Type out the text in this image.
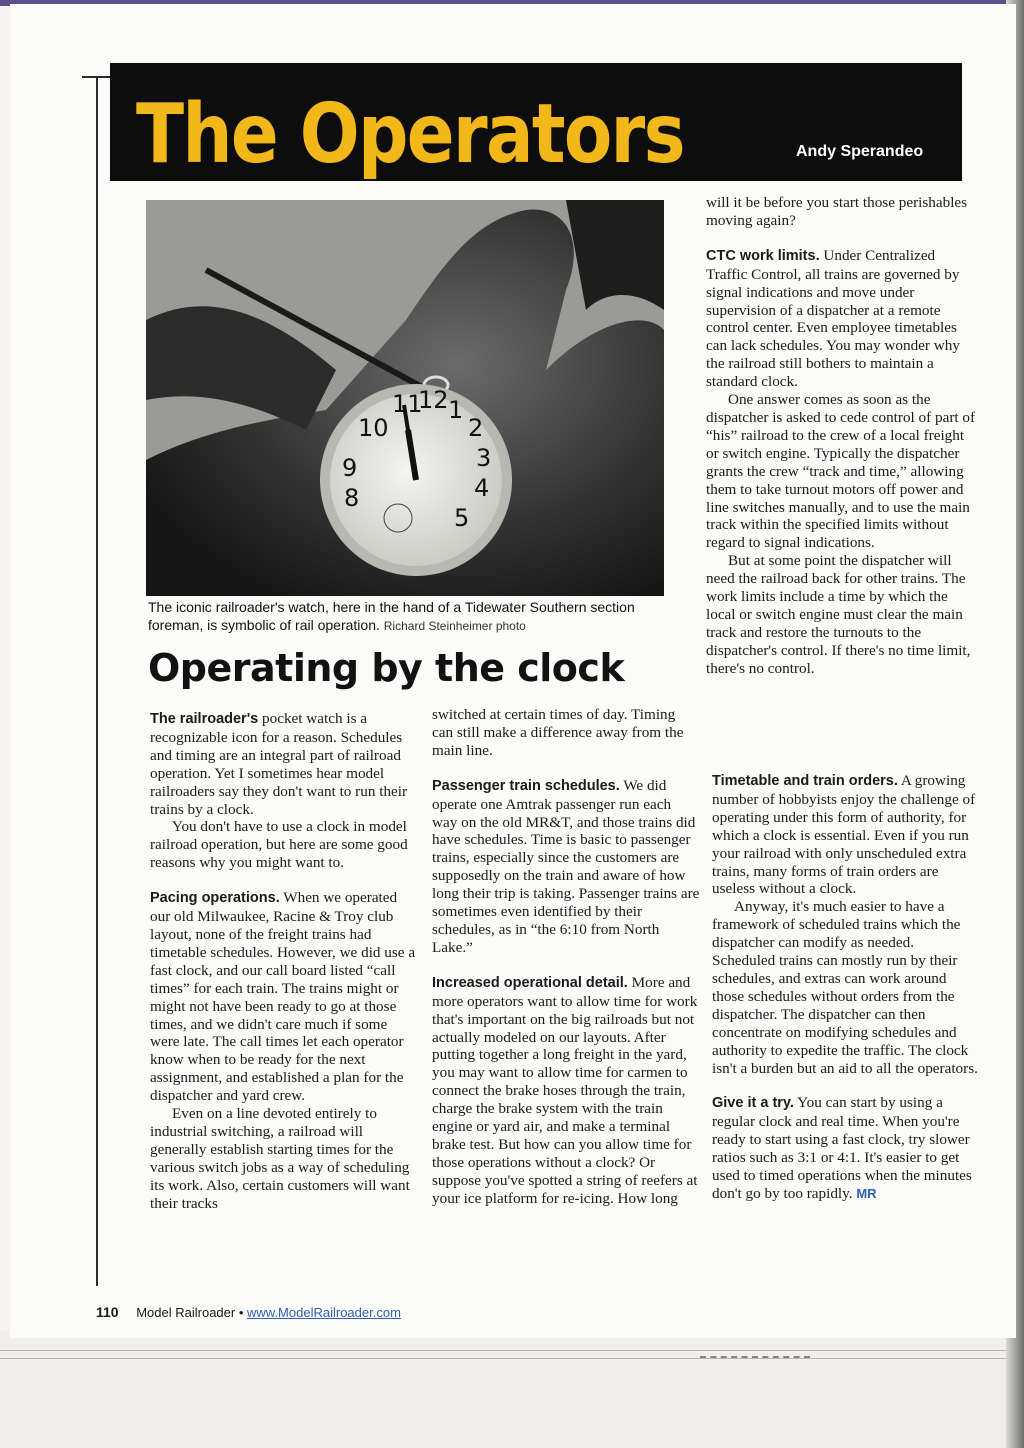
The Operators	Andy Sperandeo
11
12 1
2
3
10
4
9
8
5
The iconic railroader's watch, here in the hand of a Tidewater Southern section foreman, is symbolic of rail operation. Richard Steinheimer photo
Operating by the clock

The railroader's pocket watch is a recognizable icon for a reason. Schedules and timing are an integral part of railroad operation. Yet I sometimes hear model railroaders say they don't want to run their trains by a clock.

You don't have to use a clock in model railroad operation, but here are some good reasons why you might want to.

Pacing operations. When we operated our old Milwaukee, Racine & Troy club layout, none of the freight trains had timetable schedules. However, we did use a fast clock, and our call board listed “call times” for each train. The trains might or might not have been ready to go at those times, and we didn't care much if some were late. The call times let each operator know when to be ready for the next assignment, and established a plan for the dispatcher and yard crew.

Even on a line devoted entirely to industrial switching, a railroad will generally establish starting times for the various switch jobs as a way of scheduling its work. Also, certain customers will want their tracks

switched at certain times of day. Timing can still make a difference away from the main line.

Passenger train schedules. We did operate one Amtrak passenger run each way on the old MR&T, and those trains did have schedules. Time is basic to passenger trains, especially since the customers are supposedly on the train and aware of how long their trip is taking. Passenger trains are sometimes even identified by their schedules, as in “the 6:10 from North Lake.”

Increased operational detail. More and more operators want to allow time for work that's important on the big railroads but not actually modeled on our layouts. After putting together a long freight in the yard, you may want to allow time for carmen to connect the brake hoses through the train, charge the brake system with the train engine or yard air, and make a terminal brake test. But how can you allow time for those operations without a clock? Or suppose you've spotted a string of reefers at your ice platform for re-icing. How long

will it be before you start those perishables moving again?

CTC work limits. Under Centralized Traffic Control, all trains are governed by signal indications and move under supervision of a dispatcher at a remote control center. Even employee timetables can lack schedules. You may wonder why the railroad still bothers to maintain a standard clock.

One answer comes as soon as the dispatcher is asked to cede control of part of “his” railroad to the crew of a local freight or switch engine. Typically the dispatcher grants the crew “track and time,” allowing them to take turnout motors off power and line switches manually, and to use the main track within the specified limits without regard to signal indications.

But at some point the dispatcher will need the railroad back for other trains. The work limits include a time by which the local or switch engine must clear the main track and restore the turnouts to the dispatcher's control. If there's no time limit, there's no control.

Timetable and train orders. A growing number of hobbyists enjoy the challenge of operating under this form of authority, for which a clock is essential. Even if you run your railroad with only unscheduled extra trains, many forms of train orders are useless without a clock.

Anyway, it's much easier to have a framework of scheduled trains which the dispatcher can modify as needed. Scheduled trains can mostly run by their schedules, and extras can work around those schedules without orders from the dispatcher. The dispatcher can then concentrate on modifying schedules and authority to expedite the traffic. The clock isn't a burden but an aid to all the operators.

Give it a try. You can start by using a regular clock and real time. When you're ready to start using a fast clock, try slower ratios such as 3:1 or 4:1. It's easier to get used to timed operations when the minutes don't go by too rapidly. MR

110 Model Railroader • www.ModelRailroader.com
